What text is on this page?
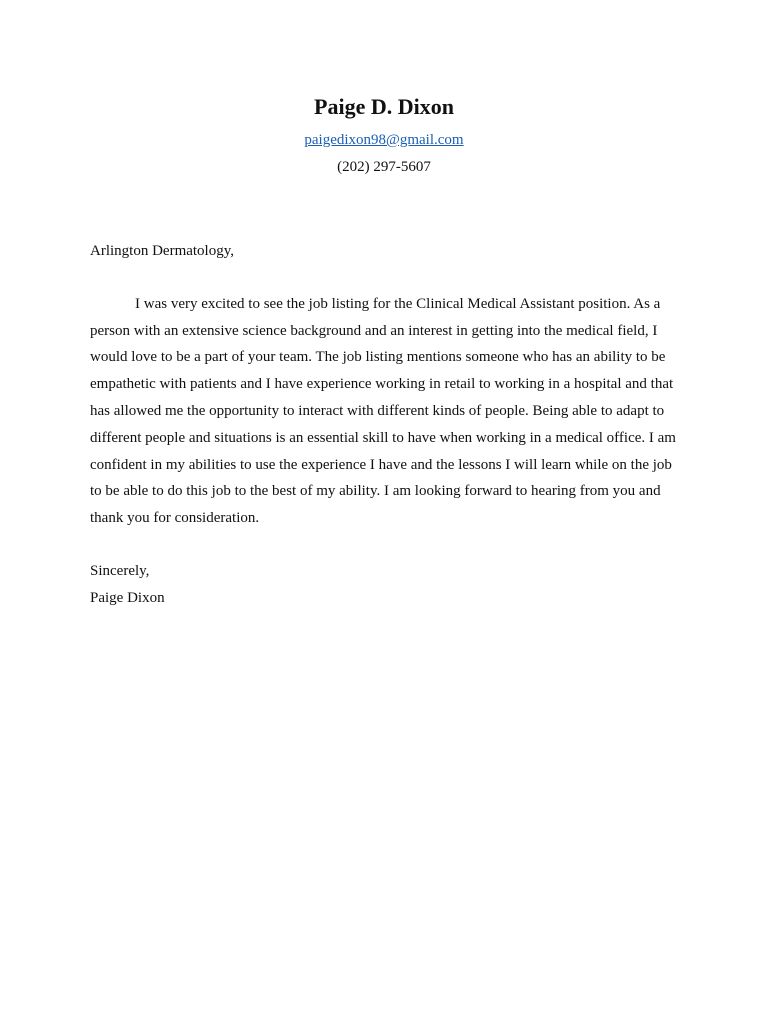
Paige D. Dixon
paigedixon98@gmail.com
(202) 297-5607

Arlington Dermatology,

I was very excited to see the job listing for the Clinical Medical Assistant position. As a person with an extensive science background and an interest in getting into the medical field, I would love to be a part of your team. The job listing mentions someone who has an ability to be empathetic with patients and I have experience working in retail to working in a hospital and that has allowed me the opportunity to interact with different kinds of people. Being able to adapt to different people and situations is an essential skill to have when working in a medical office. I am confident in my abilities to use the experience I have and the lessons I will learn while on the job to be able to do this job to the best of my ability. I am looking forward to hearing from you and thank you for consideration.

Sincerely,

Paige Dixon
